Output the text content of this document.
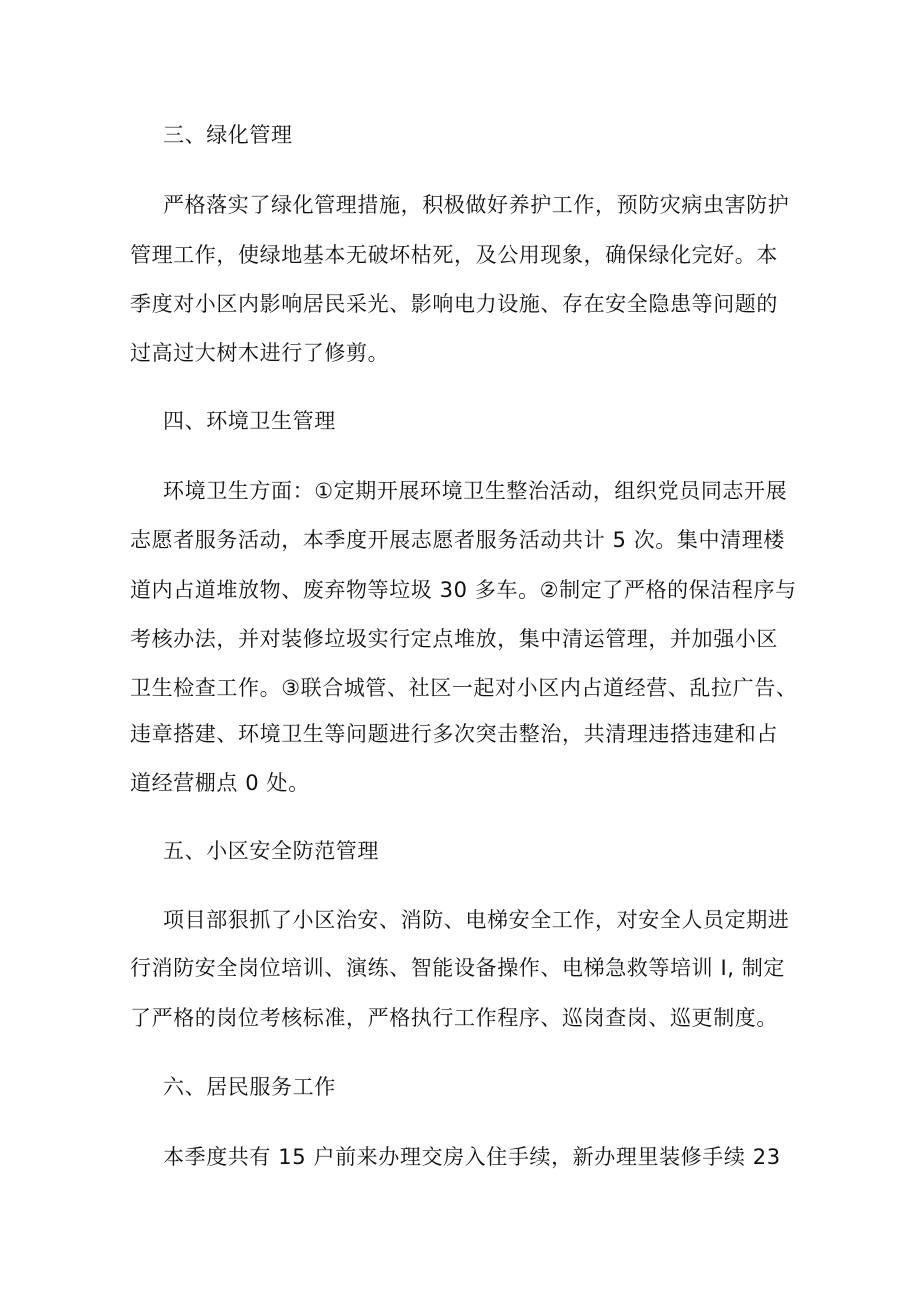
三、绿化管理
严格落实了绿化管理措施，积极做好养护工作，预防灾病虫害防护
管理工作，使绿地基本无破坏枯死，及公用现象，确保绿化完好。本
季度对小区内影响居民采光、影响电力设施、存在安全隐患等问题的
过高过大树木进行了修剪。
四、环境卫生管理
环境卫生方面：①定期开展环境卫生整治活动，组织党员同志开展
志愿者服务活动，本季度开展志愿者服务活动共计 5 次。集中清理楼
道内占道堆放物、废弃物等垃圾 30 多车。②制定了严格的保洁程序与
考核办法，并对装修垃圾实行定点堆放，集中清运管理，并加强小区
卫生检查工作。③联合城管、社区一起对小区内占道经营、乱拉广告、
违章搭建、环境卫生等问题进行多次突击整治，共清理违搭违建和占
道经营棚点 0 处。
五、小区安全防范管理
项目部狠抓了小区治安、消防、电梯安全工作，对安全人员定期进
行消防安全岗位培训、演练、智能设备操作、电梯急救等培训 I, 制定
了严格的岗位考核标准，严格执行工作程序、巡岗查岗、巡更制度。
六、居民服务工作
本季度共有 15 户前来办理交房入住手续，新办理里装修手续 23
